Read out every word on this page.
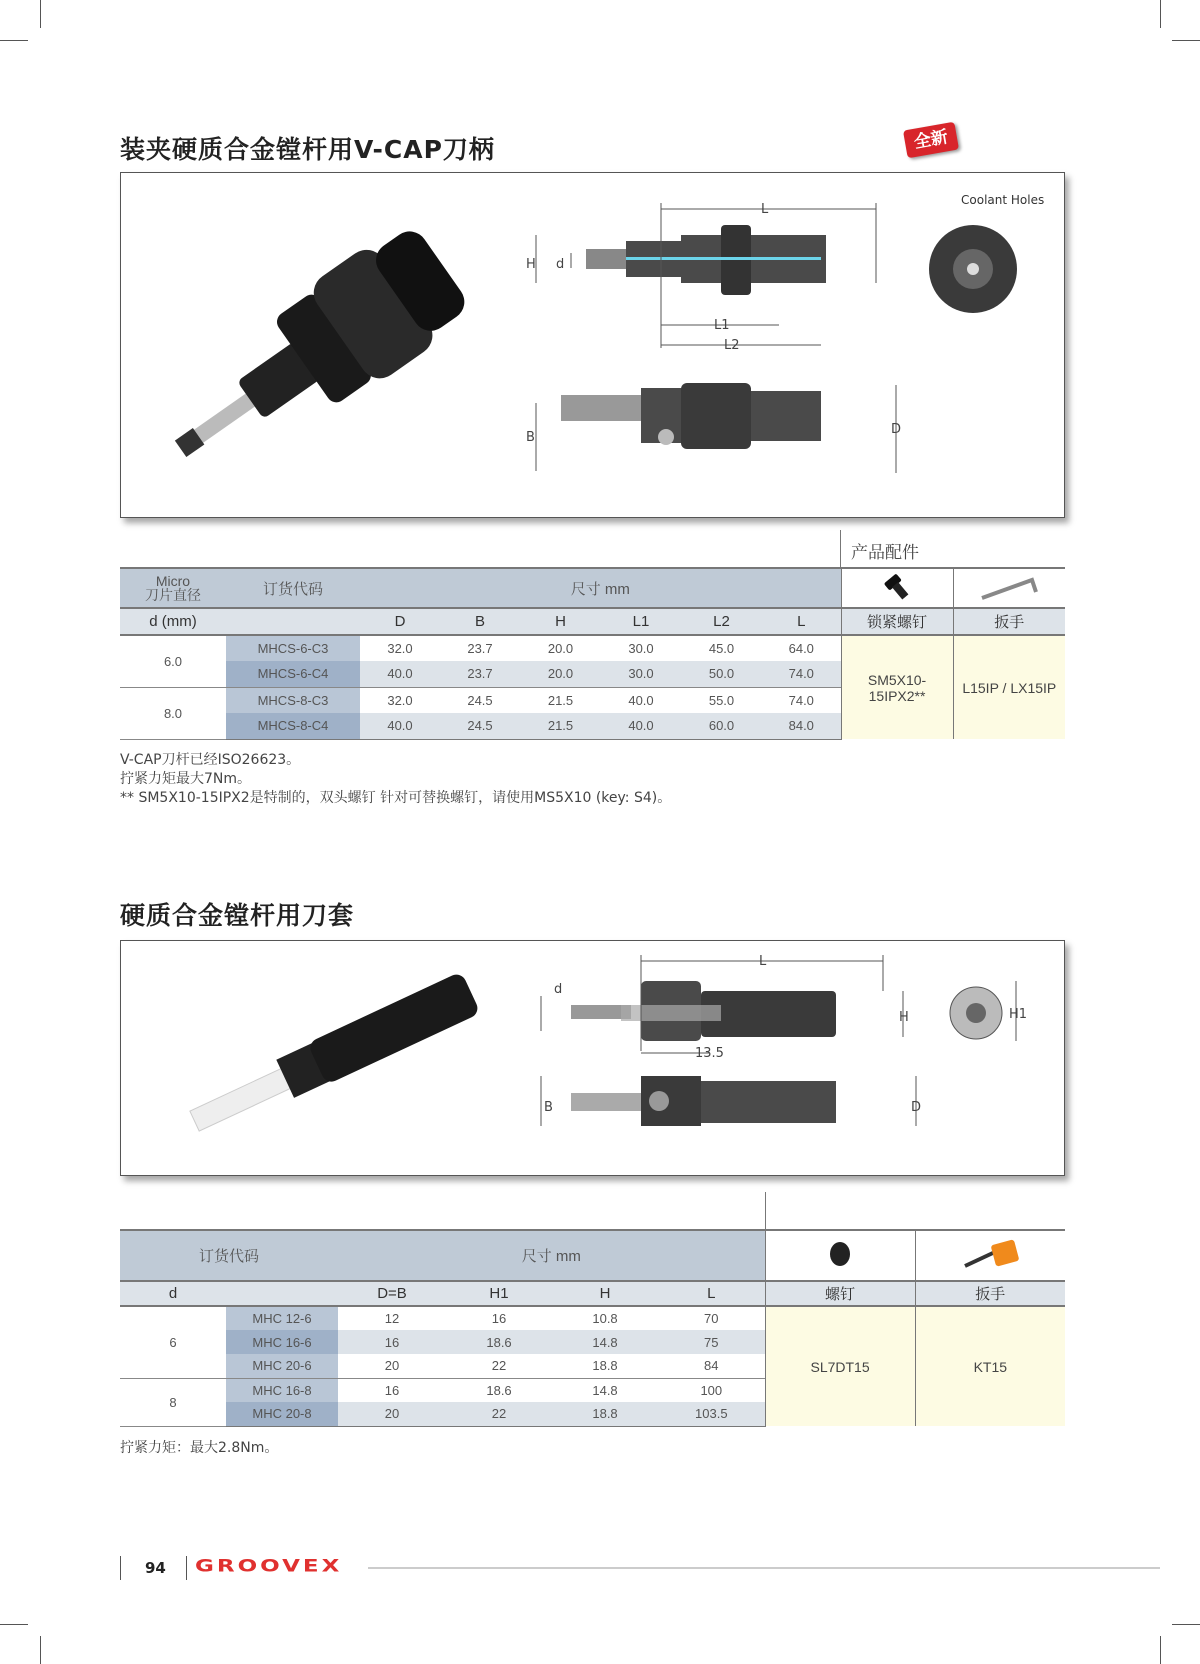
装夹硬质合金镗杆用V-CAP刀柄	全新
L
H d
L1
L2
Coolant Holes
B
D
产品配件
Micro
刀片直径	订货代码	尺寸 mm		
d (mm)		D	B	H	L1	L2	L	锁紧螺钉	扳手
6.0	MHCS-6-C3	32.0	23.7	20.0	30.0	45.0	64.0	SM5X10-15IPX2**	L15IP / LX15IP
	MHCS-6-C4	40.0	23.7	20.0	30.0	50.0	74.0		
8.0	MHCS-8-C3	32.0	24.5	21.5	40.0	55.0	74.0		
	MHCS-8-C4	40.0	24.5	21.5	40.0	60.0	84.0		
V-CAP刀杆已经ISO26623。
拧紧力矩最大7Nm。
** SM5X10-15IPX2是特制的，双头螺钉 针对可替换螺钉，请使用MS5X10 (key: S4)。
硬质合金镗杆用刀套
L
d
H
13.5
B	D
H1
订货代码		尺寸 mm		
d		D=B	H1	H	L	螺钉	扳手
6	MHC 12-6	12	16	10.8	70	SL7DT15	KT15
	MHC 16-6	16	18.6	14.8	75		
	MHC 20-6	20	22	18.8	84		
8	MHC 16-8	16	18.6	14.8	100		
	MHC 20-8	20	22	18.8	103.5		
拧紧力矩：最大2.8Nm。
94 GROOVEX
